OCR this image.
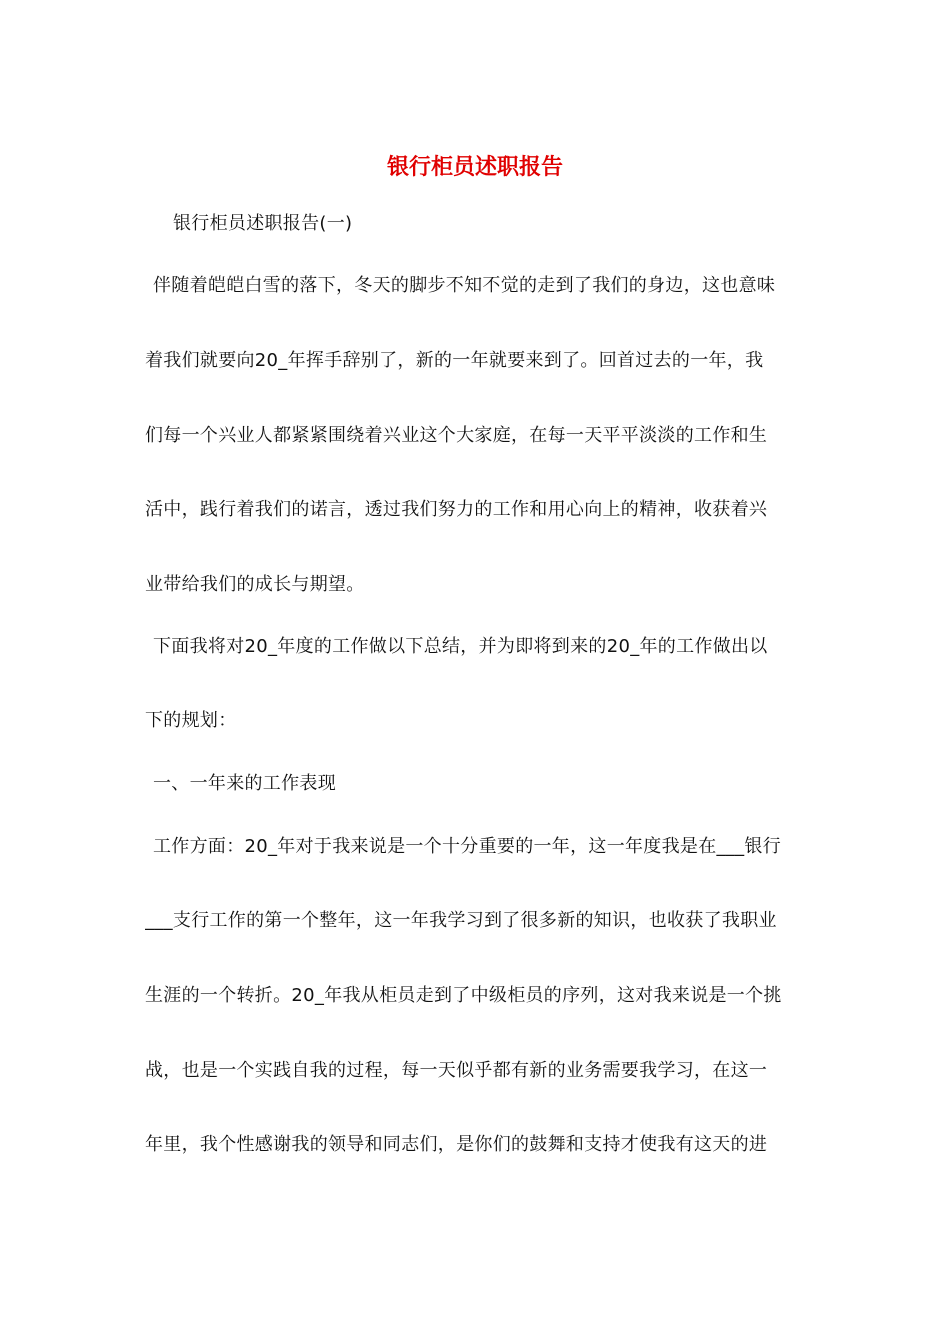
银行柜员述职报告
银行柜员述职报告(一)
伴随着皑皑白雪的落下，冬天的脚步不知不觉的走到了我们的身边，这也意味
着我们就要向20_年挥手辞别了，新的一年就要来到了。回首过去的一年，我
们每一个兴业人都紧紧围绕着兴业这个大家庭，在每一天平平淡淡的工作和生
活中，践行着我们的诺言，透过我们努力的工作和用心向上的精神，收获着兴
业带给我们的成长与期望。
下面我将对20_年度的工作做以下总结，并为即将到来的20_年的工作做出以
下的规划：
一、一年来的工作表现
工作方面：20_年对于我来说是一个十分重要的一年，这一年度我是在___银行
___支行工作的第一个整年，这一年我学习到了很多新的知识，也收获了我职业
生涯的一个转折。20_年我从柜员走到了中级柜员的序列，这对我来说是一个挑
战，也是一个实践自我的过程，每一天似乎都有新的业务需要我学习，在这一
年里，我个性感谢我的领导和同志们，是你们的鼓舞和支持才使我有这天的进
